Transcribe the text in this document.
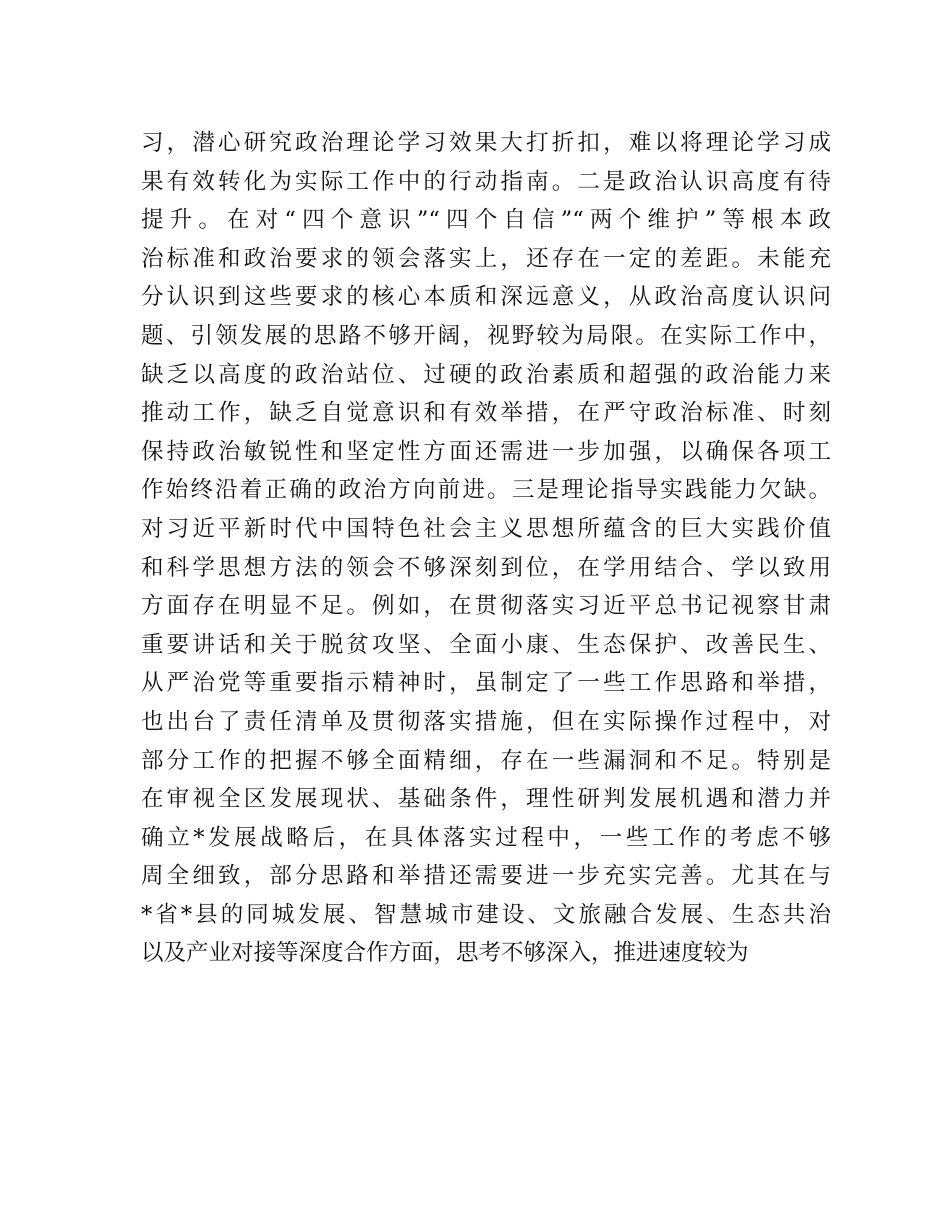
习，潜心研究政治理论学习效果大打折扣，难以将理论学习成
果有效转化为实际工作中的行动指南。二是政治认识高度有待
提升。在对“四个意识”“四个自信”“两个维护”等根本政
治标准和政治要求的领会落实上，还存在一定的差距。未能充
分认识到这些要求的核心本质和深远意义，从政治高度认识问
题、引领发展的思路不够开阔，视野较为局限。在实际工作中，
缺乏以高度的政治站位、过硬的政治素质和超强的政治能力来
推动工作，缺乏自觉意识和有效举措，在严守政治标准、时刻
保持政治敏锐性和坚定性方面还需进一步加强，以确保各项工
作始终沿着正确的政治方向前进。三是理论指导实践能力欠缺。
对习近平新时代中国特色社会主义思想所蕴含的巨大实践价值
和科学思想方法的领会不够深刻到位，在学用结合、学以致用
方面存在明显不足。例如，在贯彻落实习近平总书记视察甘肃
重要讲话和关于脱贫攻坚、全面小康、生态保护、改善民生、
从严治党等重要指示精神时，虽制定了一些工作思路和举措，
也出台了责任清单及贯彻落实措施，但在实际操作过程中，对
部分工作的把握不够全面精细，存在一些漏洞和不足。特别是
在审视全区发展现状、基础条件，理性研判发展机遇和潜力并
确立*发展战略后，在具体落实过程中，一些工作的考虑不够
周全细致，部分思路和举措还需要进一步充实完善。尤其在与
*省*县的同城发展、智慧城市建设、文旅融合发展、生态共治
以及产业对接等深度合作方面，思考不够深入，推进速度较为
